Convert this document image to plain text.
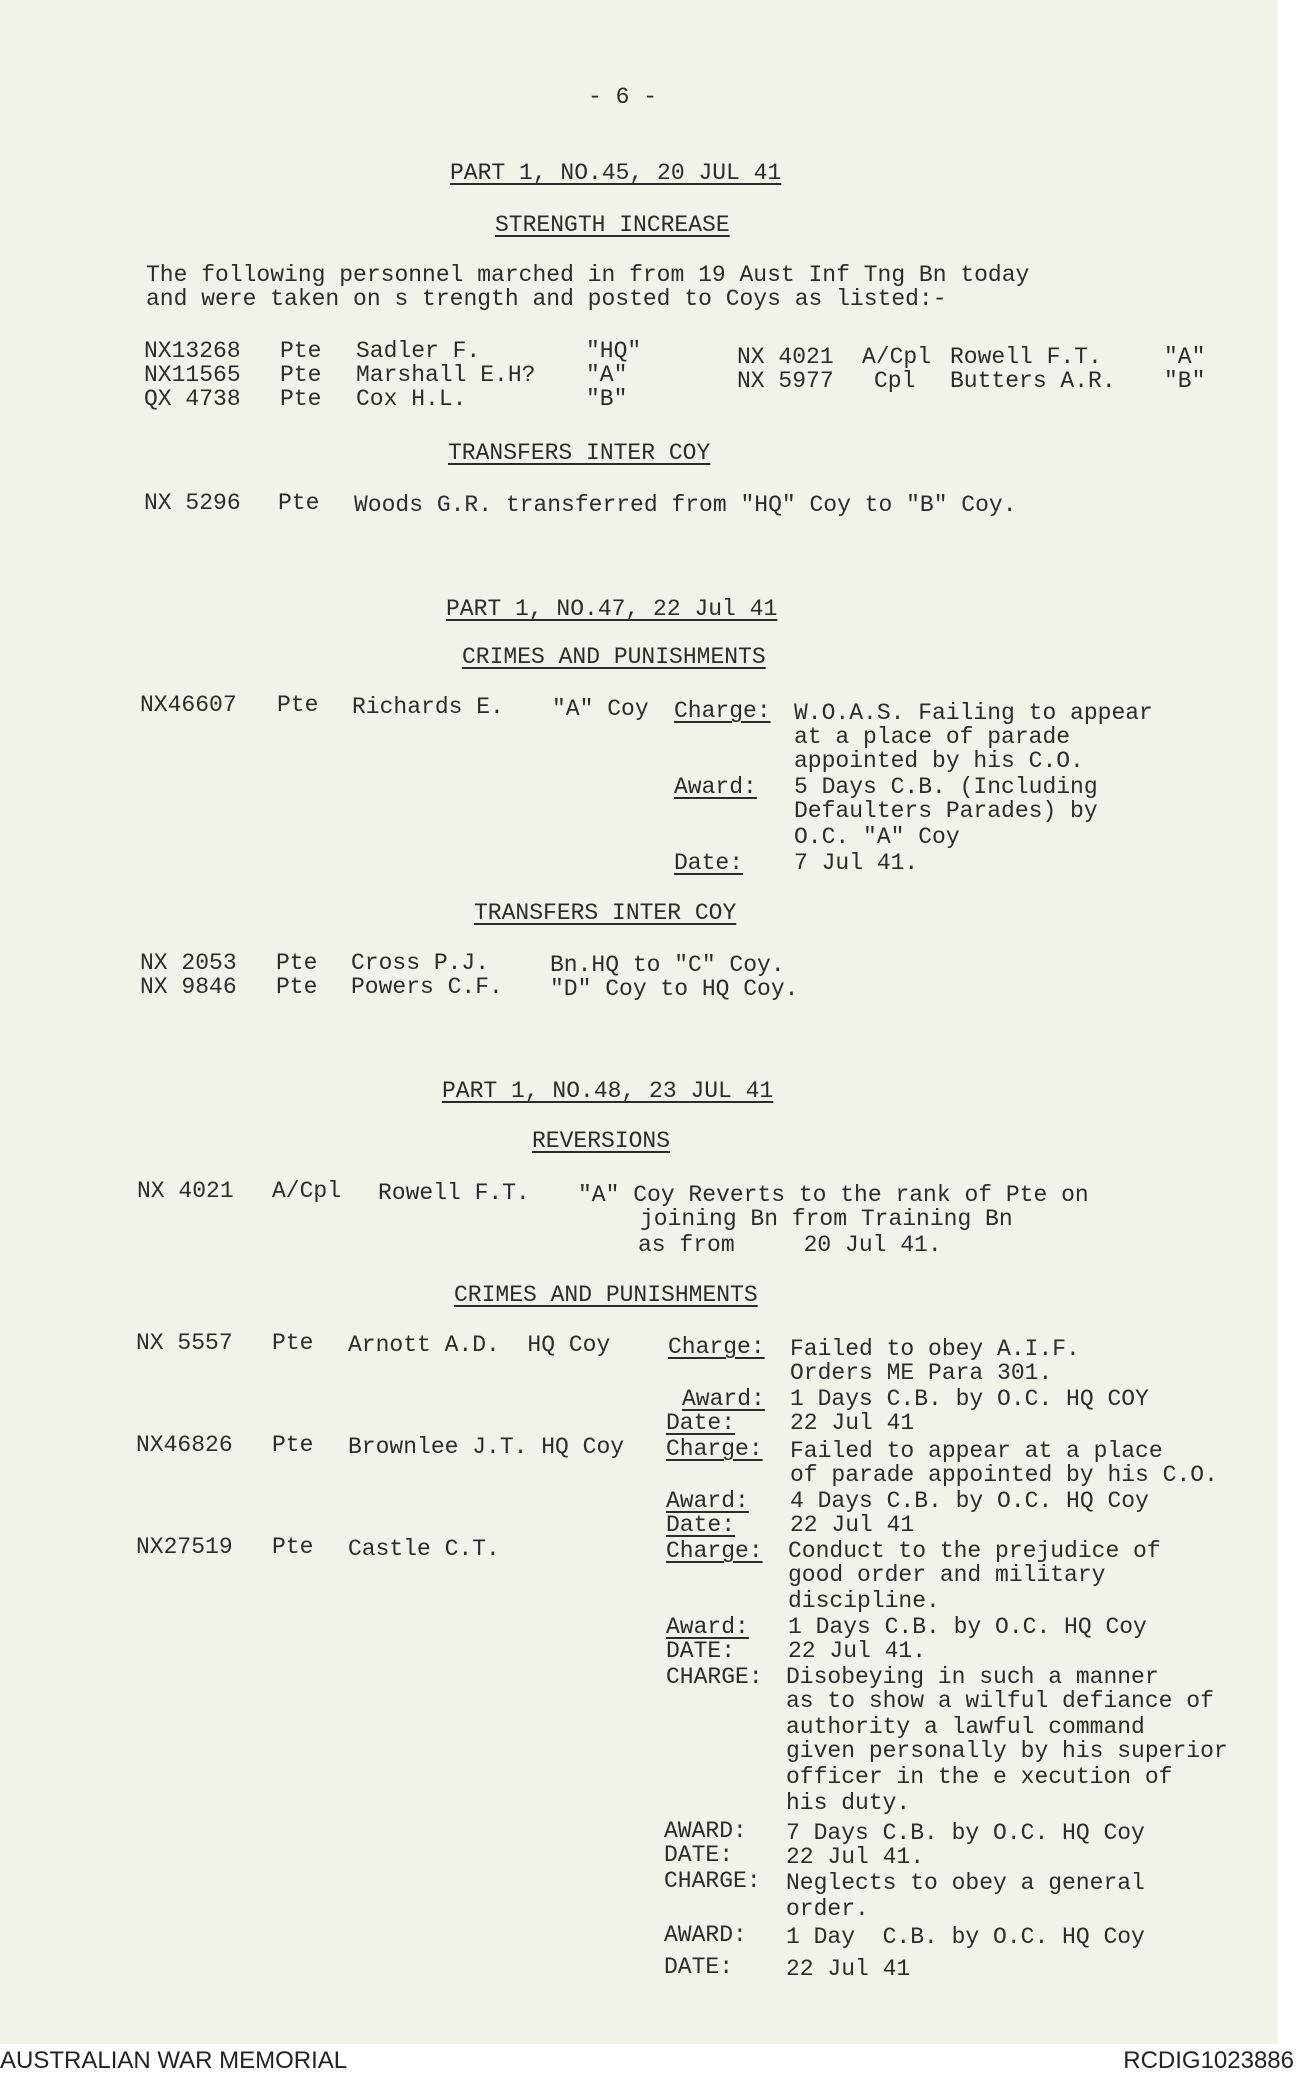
- 6 -
PART 1, NO.45, 20 JUL 41
STRENGTH INCREASE
The following personnel marched in from 19 Aust Inf Tng Bn today
and were taken on s trength and posted to Coys as listed:-
NX13268 Pte Sadler F.	"HQ"
NX11565 Pte Marshall E.H? "A"
QX 4738 Pte Cox H.L.	"B"
NX 4021 A/Cpl Rowell F.T.	"A"
NX 5977 Cpl Butters A.R. "B"
TRANSFERS INTER COY
NX 5296 Pte Woods G.R. transferred from "HQ" Coy to "B" Coy.
PART 1, NO.47, 22 Jul 41
CRIMES AND PUNISHMENTS
NX46607 Pte Richards E. "A" Coy Charge: W.O.A.S. Failing to appear
at a place of parade
appointed by his C.O.
Award: 5 Days C.B. (Including
Defaulters Parades) by
O.C. "A" Coy
Date: 7 Jul 41.
TRANSFERS INTER COY
NX 2053 Pte Cross P.J.	Bn.HQ to "C" Coy.
NX 9846 Pte Powers C.F. "D" Coy to HQ Coy.
PART 1, NO.48, 23 JUL 41
REVERSIONS
NX 4021 A/Cpl Rowell F.T. "A" Coy Reverts to the rank of Pte on
joining Bn from Training Bn
as from     20 Jul 41.
CRIMES AND PUNISHMENTS
NX 5557 Pte Arnott A.D.  HQ Coy	Charge: Failed to obey A.I.F.
Orders ME Para 301.
Award: 1 Days C.B. by O.C. HQ COY
Date: 22 Jul 41
NX46826 Pte Brownlee J.T. HQ Coy Charge: Failed to appear at a place
of parade appointed by his C.O.
Award: 4 Days C.B. by O.C. HQ Coy
Date: 22 Jul 41
NX27519 Pte Castle C.T.	Charge: Conduct to the prejudice of
good order and military
discipline.
Award: 1 Days C.B. by O.C. HQ Coy
DATE: 22 Jul 41.
CHARGE: Disobeying in such a manner
as to show a wilful defiance of
authority a lawful command
given personally by his superior
officer in the e xecution of
his duty.
AWARD: 7 Days C.B. by O.C. HQ Coy
DATE: 22 Jul 41.
CHARGE: Neglects to obey a general
order.
AWARD: 1 Day  C.B. by O.C. HQ Coy
DATE: 22 Jul 41
AUSTRALIAN WAR MEMORIAL	RCDIG1023886
